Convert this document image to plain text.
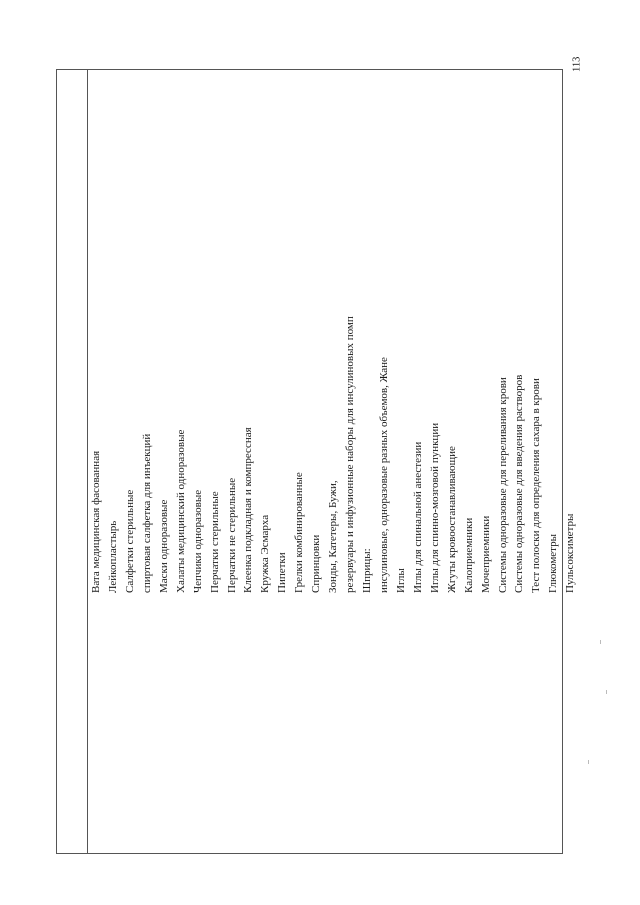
113
Вата медицинская фасованная Лейкопластырь Салфетки стерильные спиртовая салфетка для инъекций Маски одноразовые Халаты медицинский одноразовые Чепчики одноразовые Перчатки стерильные Перчатки не стерильные Клеенка подкладная и компрессная Кружка Эсмарха Пипетки Грелки комбинированные Спринцовки Зонды, Катетеры, Бужи, резервуары и инфузионные наборы для инсулиновых помп Шприцы: инсулиновые, одноразовые разных объемов, Жане Иглы Иглы для спинальной анестезии Иглы для спинно-мозговой пункции Жгуты кровоостанавливающие Калоприемники Мочеприемники Системы одноразовые для переливания крови Системы одноразовые для введения растворов Тест полоски для определения сахара в крови Глюкометры Пульсоксиметры
